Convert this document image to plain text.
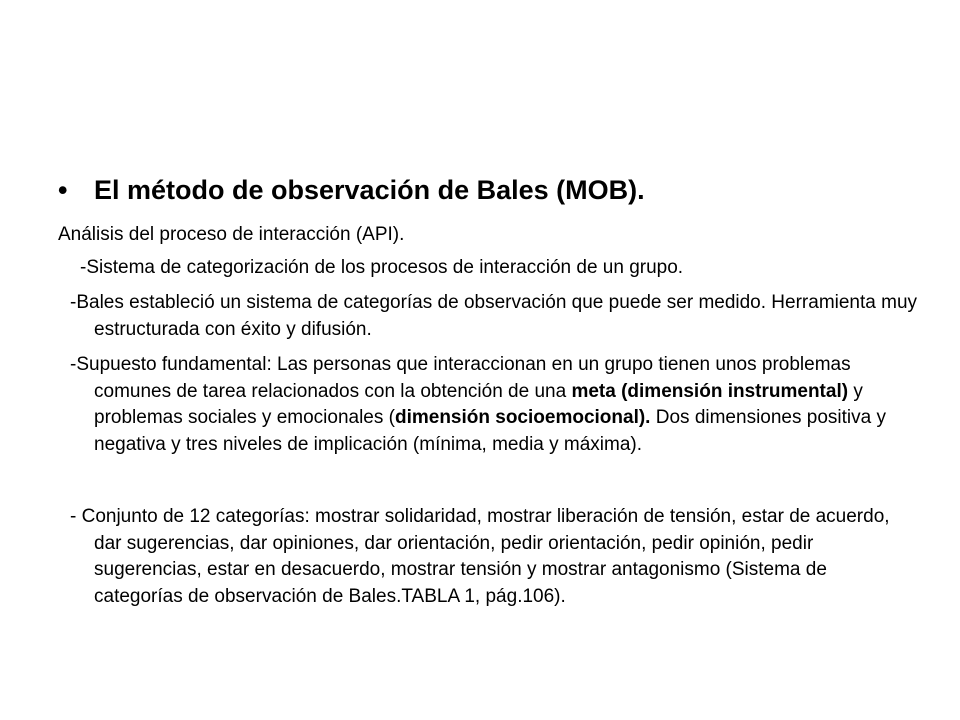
• El método de observación de Bales (MOB).
Análisis del proceso de interacción (API).
-Sistema de categorización de los procesos de interacción de un grupo.
-Bales estableció un sistema de categorías de observación que puede ser medido. Herramienta muy estructurada con éxito y difusión.
-Supuesto fundamental: Las personas que interaccionan en un grupo tienen unos problemas comunes de tarea relacionados con la obtención de una meta (dimensión instrumental) y problemas sociales y emocionales (dimensión socioemocional). Dos dimensiones positiva y negativa y tres niveles de implicación (mínima, media y máxima).
- Conjunto de 12 categorías: mostrar solidaridad, mostrar liberación de tensión, estar de acuerdo, dar sugerencias, dar opiniones, dar orientación, pedir orientación, pedir opinión, pedir sugerencias, estar en desacuerdo, mostrar tensión y mostrar antagonismo (Sistema de categorías de observación de Bales.TABLA 1, pág.106).
